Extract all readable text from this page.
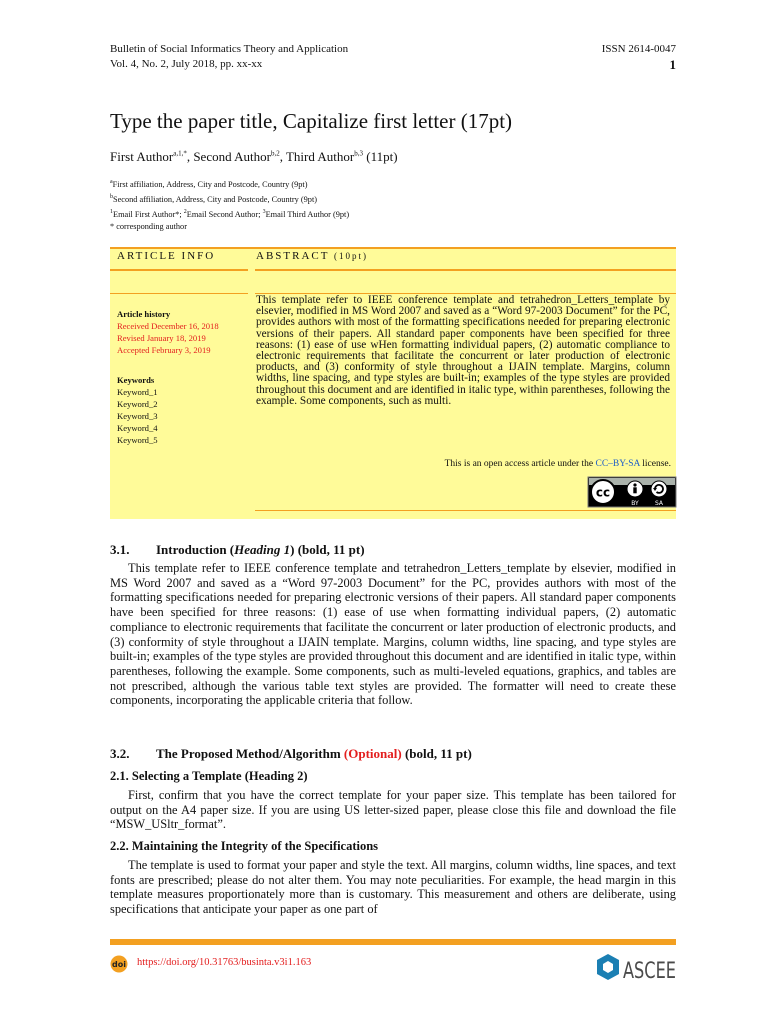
Bulletin of Social Informatics Theory and Application
Vol. 4, No. 2, July 2018, pp. xx-xx
ISSN 2614-0047
1
Type the paper title, Capitalize first letter (17pt)
First Author$^{a,1,*}$, Second Author$^{b,2}$, Third Author$^{b,3}$ (11pt)
$^a$First affiliation, Address, City and Postcode, Country (9pt)
$^b$Second affiliation, Address, City and Postcode, Country (9pt)
$^1$Email First Author*; $^2$Email Second Author; $^3$Email Third Author (9pt)
* corresponding author
ARTICLE INFO	ABSTRACT (10pt)
Article history
Received December 16, 2018
Revised January 18, 2019
Accepted February 3, 2019
Keywords
Keyword_1
Keyword_2
Keyword_3
Keyword_4
Keyword_5
This template refer to IEEE conference template and tetrahedron_Letters_template by elsevier, modified in MS Word 2007 and saved as a “Word 97-2003 Document” for the PC, provides authors with most of the formatting specifications needed for preparing electronic versions of their papers. All standard paper components have been specified for three reasons: (1) ease of use wHen formatting individual papers, (2) automatic compliance to electronic requirements that facilitate the concurrent or later production of electronic products, and (3) conformity of style throughout a IJAIN template. Margins, column widths, line spacing, and type styles are built-in; examples of the type styles are provided throughout this document and are identified in italic type, within parentheses, following the example. Some components, such as multi.
This is an open access article under the CC–BY-SA license.
cc
BY	SA
3.1. Introduction (Heading 1) (bold, 11 pt)
This template refer to IEEE conference template and tetrahedron_Letters_template by elsevier, modified in MS Word 2007 and saved as a “Word 97-2003 Document” for the PC, provides authors with most of the formatting specifications needed for preparing electronic versions of their papers. All standard paper components have been specified for three reasons: (1) ease of use when formatting individual papers, (2) automatic compliance to electronic requirements that facilitate the concurrent or later production of electronic products, and (3) conformity of style throughout a IJAIN template. Margins, column widths, line spacing, and type styles are built-in; examples of the type styles are provided throughout this document and are identified in italic type, within parentheses, following the example. Some components, such as multi-leveled equations, graphics, and tables are not prescribed, although the various table text styles are provided. The formatter will need to create these components, incorporating the applicable criteria that follow.
3.2. The Proposed Method/Algorithm (Optional) (bold, 11 pt)
2.1. Selecting a Template (Heading 2)
First, confirm that you have the correct template for your paper size. This template has been tailored for output on the A4 paper size. If you are using US letter-sized paper, please close this file and download the file “MSW_USltr_format”.
2.2. Maintaining the Integrity of the Specifications
The template is used to format your paper and style the text. All margins, column widths, line spaces, and text fonts are prescribed; please do not alter them. You may note peculiarities. For example, the head margin in this template measures proportionately more than is customary. This measurement and others are deliberate, using specifications that anticipate your paper as one part of
doi https://doi.org/10.31763/businta.v3i1.163	ASCEE
